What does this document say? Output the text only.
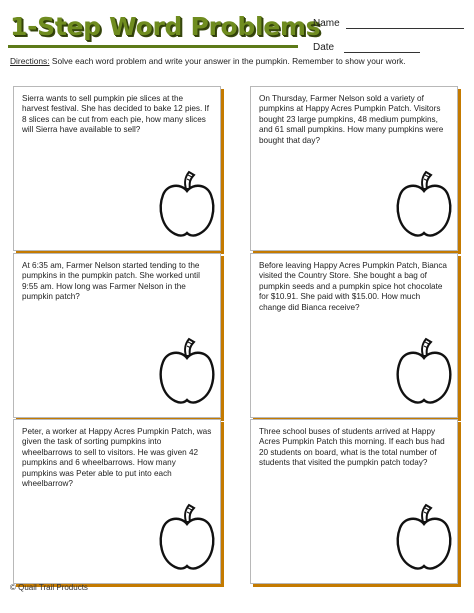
1-Step Word Problems
Name
Date
Directions: Solve each word problem and write your answer in the pumpkin. Remember to show your work.
Sierra wants to sell pumpkin pie slices at the harvest festival. She has decided to bake 12 pies. If 8 slices can be cut from each pie, how many slices will Sierra have available to sell?
On Thursday, Farmer Nelson sold a variety of pumpkins at Happy Acres Pumpkin Patch. Visitors bought 23 large pumpkins, 48 medium pumpkins, and 61 small pumpkins. How many pumpkins were bought that day?
At 6:35 am, Farmer Nelson started tending to the pumpkins in the pumpkin patch. She worked until 9:55 am. How long was Farmer Nelson in the pumpkin patch?
Before leaving Happy Acres Pumpkin Patch, Bianca visited the Country Store. She bought a bag of pumpkin seeds and a pumpkin spice hot chocolate for $10.91. She paid with $15.00. How much change did Bianca receive?
Peter, a worker at Happy Acres Pumpkin Patch, was given the task of sorting pumpkins into wheelbarrows to sell to visitors. He was given 42 pumpkins and 6 wheelbarrows. How many pumpkins was Peter able to put into each wheelbarrow?
Three school buses of students arrived at Happy Acres Pumpkin Patch this morning. If each bus had 20 students on board, what is the total number of students that visited the pumpkin patch today?
© Quail Trail Products
